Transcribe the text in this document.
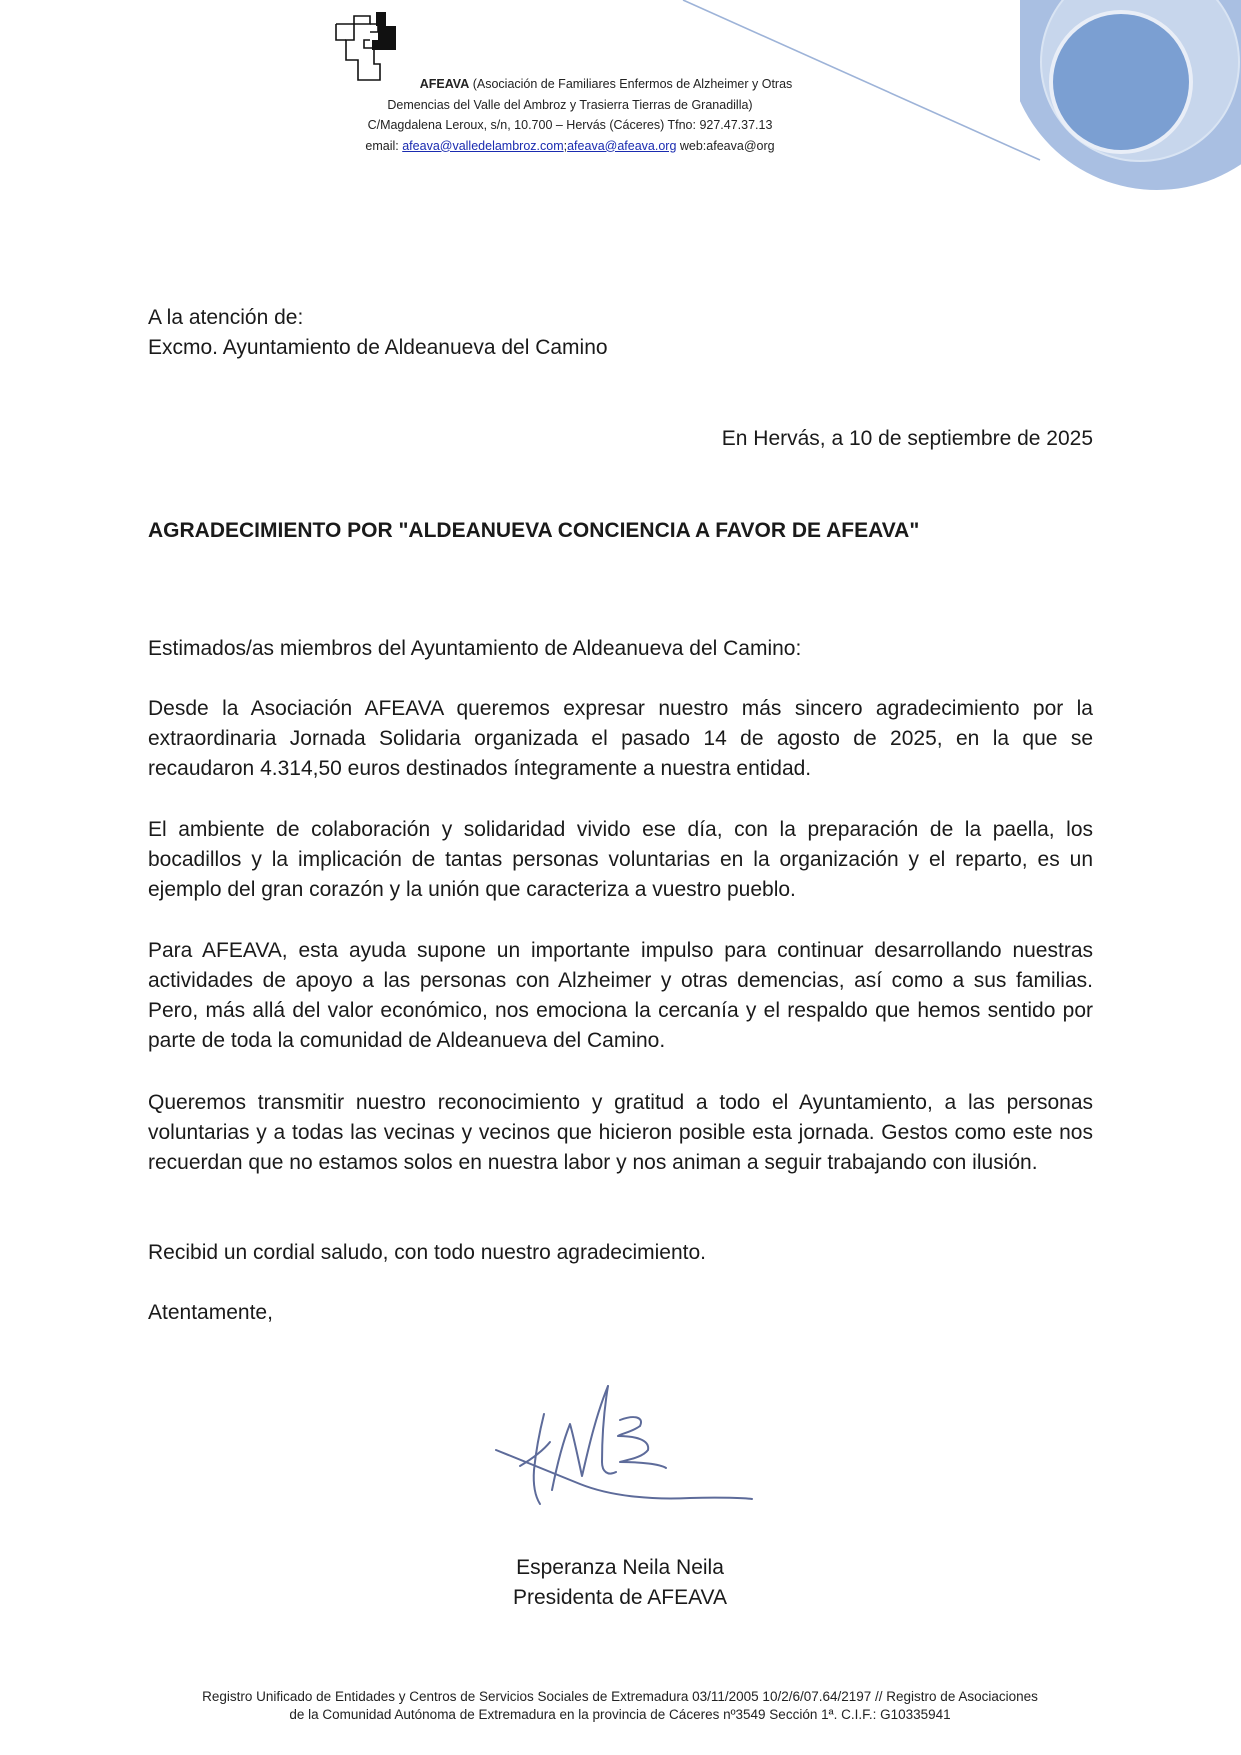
AFEAVA (Asociación de Familiares Enfermos de Alzheimer y Otras
Demencias del Valle del Ambroz y Trasierra Tierras de Granadilla)
C/Magdalena Leroux, s/n, 10.700 – Hervás (Cáceres) Tfno: 927.47.37.13
email: afeava@valledelambroz.com;afeava@afeava.org web:afeava@org
A la atención de:
Excmo. Ayuntamiento de Aldeanueva del Camino
En Hervás, a 10 de septiembre de 2025
AGRADECIMIENTO POR "ALDEANUEVA CONCIENCIA A FAVOR DE AFEAVA"
Estimados/as miembros del Ayuntamiento de Aldeanueva del Camino:
Desde la Asociación AFEAVA queremos expresar nuestro más sincero agradecimiento por la extraordinaria Jornada Solidaria organizada el pasado 14 de agosto de 2025, en la que se recaudaron 4.314,50 euros destinados íntegramente a nuestra entidad.
El ambiente de colaboración y solidaridad vivido ese día, con la preparación de la paella, los bocadillos y la implicación de tantas personas voluntarias en la organización y el reparto, es un ejemplo del gran corazón y la unión que caracteriza a vuestro pueblo.
Para AFEAVA, esta ayuda supone un importante impulso para continuar desarrollando nuestras actividades de apoyo a las personas con Alzheimer y otras demencias, así como a sus familias. Pero, más allá del valor económico, nos emociona la cercanía y el respaldo que hemos sentido por parte de toda la comunidad de Aldeanueva del Camino.
Queremos transmitir nuestro reconocimiento y gratitud a todo el Ayuntamiento, a las personas voluntarias y a todas las vecinas y vecinos que hicieron posible esta jornada. Gestos como este nos recuerdan que no estamos solos en nuestra labor y nos animan a seguir trabajando con ilusión.
Recibid un cordial saludo, con todo nuestro agradecimiento.
Atentamente,
Esperanza Neila Neila
Presidenta de AFEAVA
Registro Unificado de Entidades y Centros de Servicios Sociales de Extremadura 03/11/2005 10/2/6/07.64/2197 // Registro de Asociaciones
de la Comunidad Autónoma de Extremadura en la provincia de Cáceres nº3549 Sección 1ª. C.I.F.: G10335941
